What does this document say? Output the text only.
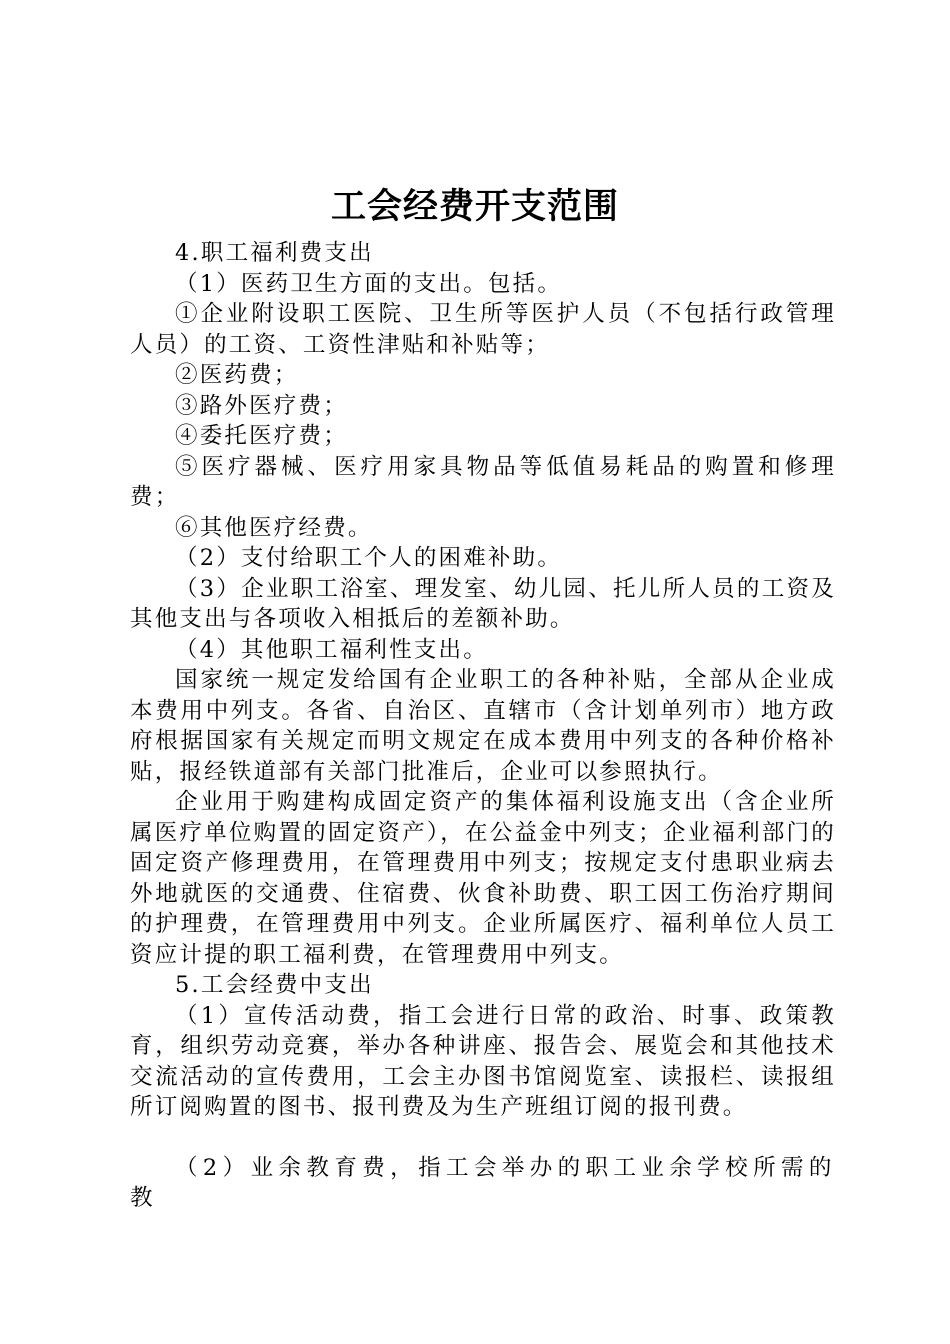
工会经费开支范围

4.职工福利费支出

（1）医药卫生方面的支出。包括。

①企业附设职工医院、卫生所等医护人员（不包括行政管理人员）的工资、工资性津贴和补贴等；

②医药费；

③路外医疗费；

④委托医疗费；

⑤医疗器械、医疗用家具物品等低值易耗品的购置和修理费；

⑥其他医疗经费。

（2）支付给职工个人的困难补助。

（3）企业职工浴室、理发室、幼儿园、托儿所人员的工资及其他支出与各项收入相抵后的差额补助。

（4）其他职工福利性支出。

国家统一规定发给国有企业职工的各种补贴，全部从企业成本费用中列支。各省、自治区、直辖市（含计划单列市）地方政府根据国家有关规定而明文规定在成本费用中列支的各种价格补贴，报经铁道部有关部门批准后，企业可以参照执行。

企业用于购建构成固定资产的集体福利设施支出（含企业所属医疗单位购置的固定资产），在公益金中列支；企业福利部门的固定资产修理费用，在管理费用中列支；按规定支付患职业病去外地就医的交通费、住宿费、伙食补助费、职工因工伤治疗期间的护理费，在管理费用中列支。企业所属医疗、福利单位人员工资应计提的职工福利费，在管理费用中列支。

5.工会经费中支出

（1）宣传活动费，指工会进行日常的政治、时事、政策教育，组织劳动竞赛，举办各种讲座、报告会、展览会和其他技术交流活动的宣传费用，工会主办图书馆阅览室、读报栏、读报组所订阅购置的图书、报刊费及为生产班组订阅的报刊费。

（2）业余教育费，指工会举办的职工业余学校所需的教
